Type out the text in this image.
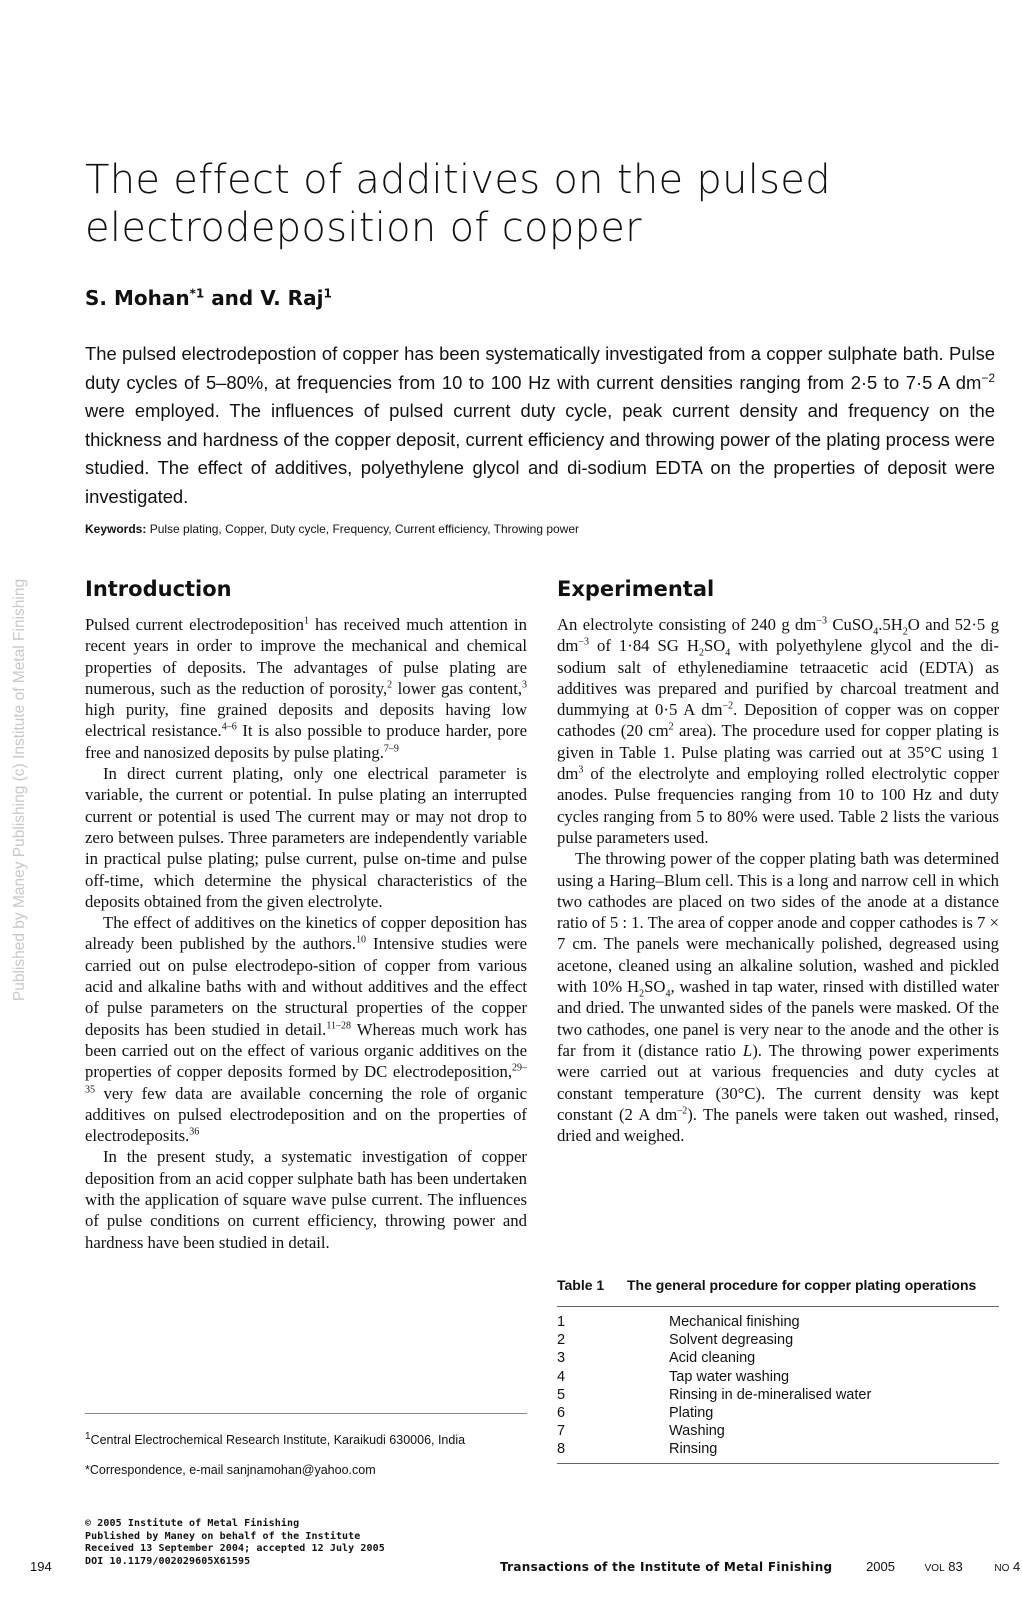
Published by Maney Publishing (c) Institute of Metal Finishing
The effect of additives on the pulsed electrodeposition of copper
S. Mohan$^{*1}$ and V. Raj$^1$
The pulsed electrodepostion of copper has been systematically investigated from a copper sulphate bath. Pulse duty cycles of 5–80%, at frequencies from 10 to 100 Hz with current densities ranging from 2·5 to 7·5 A $dm^{-2}$ were employed. The influences of pulsed current duty cycle, peak current density and frequency on the thickness and hardness of the copper deposit, current efficiency and throwing power of the plating process were studied. The effect of additives, polyethylene glycol and di-sodium EDTA on the properties of deposit were investigated.
Keywords: Pulse plating, Copper, Duty cycle, Frequency, Current efficiency, Throwing power
Introduction

Pulsed current electrodeposition$^1$ has received much attention in recent years in order to improve the mechanical and chemical properties of deposits. The advantages of pulse plating are numerous, such as the reduction of porosity,$^2$ lower gas content,$^3$ high purity, fine grained deposits and deposits having low electrical resistance.$^{4-6}$ It is also possible to produce harder, pore free and nanosized deposits by pulse plating.$^{7-9}$

In direct current plating, only one electrical parameter is variable, the current or potential. In pulse plating an interrupted current or potential is used The current may or may not drop to zero between pulses. Three parameters are independently variable in practical pulse plating; pulse current, pulse on-time and pulse off-time, which determine the physical characteristics of the deposits obtained from the given electrolyte.

The effect of additives on the kinetics of copper deposition has already been published by the authors.$^{10}$ Intensive studies were carried out on pulse electrodepo-sition of copper from various acid and alkaline baths with and without additives and the effect of pulse parameters on the structural properties of the copper deposits has been studied in detail.$^{11-28}$ Whereas much work has been carried out on the effect of various organic additives on the properties of copper deposits formed by DC electrodeposition,$^{29-35}$ very few data are available concerning the role of organic additives on pulsed electrodeposition and on the properties of electrodeposits.$^{36}$

In the present study, a systematic investigation of copper deposition from an acid copper sulphate bath has been undertaken with the application of square wave pulse current. The influences of pulse conditions on current efficiency, throwing power and hardness have been studied in detail.

$^1$Central Electrochemical Research Institute, Karaikudi 630006, India
*Correspondence, e-mail sanjnamohan@yahoo.com
Experimental

An electrolyte consisting of 240 g $dm^{-3}$ $CuSO_4.5H_2O$ and 52·5 g $dm^{-3}$ of 1·84 SG $H_2SO_4$ with polyethylene glycol and the di-sodium salt of ethylenediamine tetraacetic acid (EDTA) as additives was prepared and purified by charcoal treatment and dummying at 0·5 A $dm^{-2}$. Deposition of copper was on copper cathodes (20 $cm^2$ area). The procedure used for copper plating is given in Table 1. Pulse plating was carried out at 35°C using 1 $dm^3$ of the electrolyte and employing rolled electrolytic copper anodes. Pulse frequencies ranging from 10 to 100 Hz and duty cycles ranging from 5 to 80% were used. Table 2 lists the various pulse parameters used.

The throwing power of the copper plating bath was determined using a Haring–Blum cell. This is a long and narrow cell in which two cathodes are placed on two sides of the anode at a distance ratio of 5 : 1. The area of copper anode and copper cathodes is 7 × 7 cm. The panels were mechanically polished, degreased using acetone, cleaned using an alkaline solution, washed and pickled with 10% $H_2SO_4$, washed in tap water, rinsed with distilled water and dried. The unwanted sides of the panels were masked. Of the two cathodes, one panel is very near to the anode and the other is far from it (distance ratio L). The throwing power experiments were carried out at various frequencies and duty cycles at constant temperature (30°C). The current density was kept constant (2 A $dm^{-2}$). The panels were taken out washed, rinsed, dried and weighed.

Table 1	The general procedure for copper plating operations
1	Mechanical finishing
2	Solvent degreasing
3	Acid cleaning
4	Tap water washing
5	Rinsing in de-mineralised water
6	Plating
7	Washing
8	Rinsing
© 2005 Institute of Metal Finishing
Published by Maney on behalf of the Institute
Received 13 September 2004; accepted 12 July 2005
DOI 10.1179/002029605X61595
194	Transactions of the Institute of Metal Finishing	2005	VOL 83	NO 4
